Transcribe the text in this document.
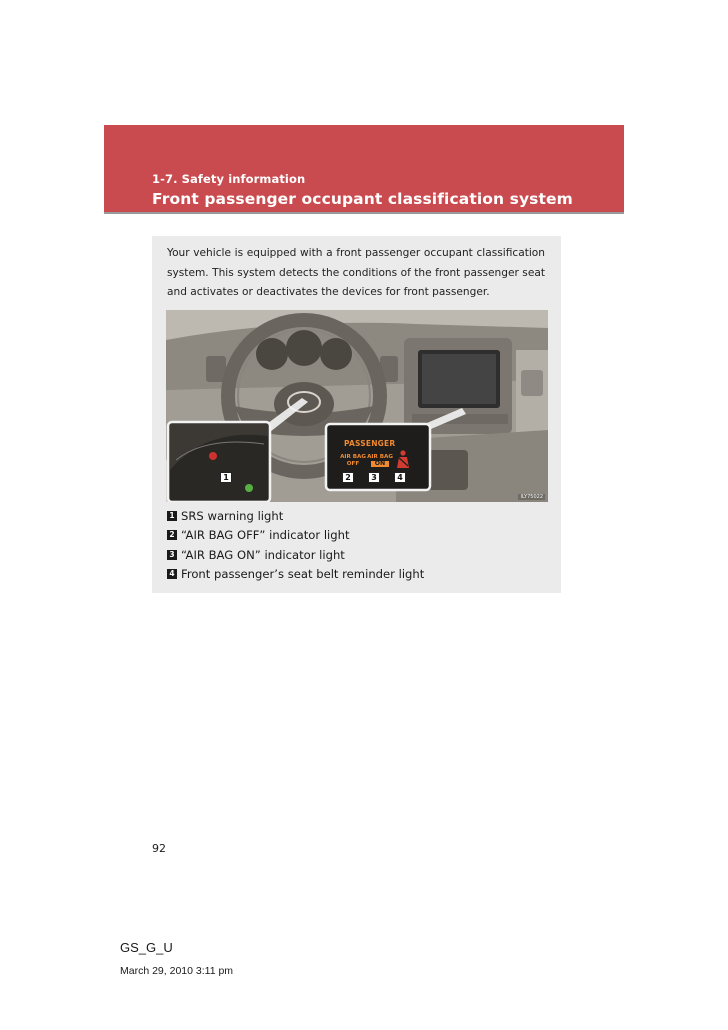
1-7. Safety information
Front passenger occupant classification system

Your vehicle is equipped with a front passenger occupant classification system. This system detects the conditions of the front passenger seat and activates or deactivates the devices for front passenger.

PASSENGER
AIR BAG
OFF
AIR BAG
ON
1	2	3	4
ILY75022
1 SRS warning light
2 “AIR BAG OFF” indicator light
3 “AIR BAG ON” indicator light
4 Front passenger’s seat belt reminder light
92
GS_G_U
March 29, 2010 3:11 pm
